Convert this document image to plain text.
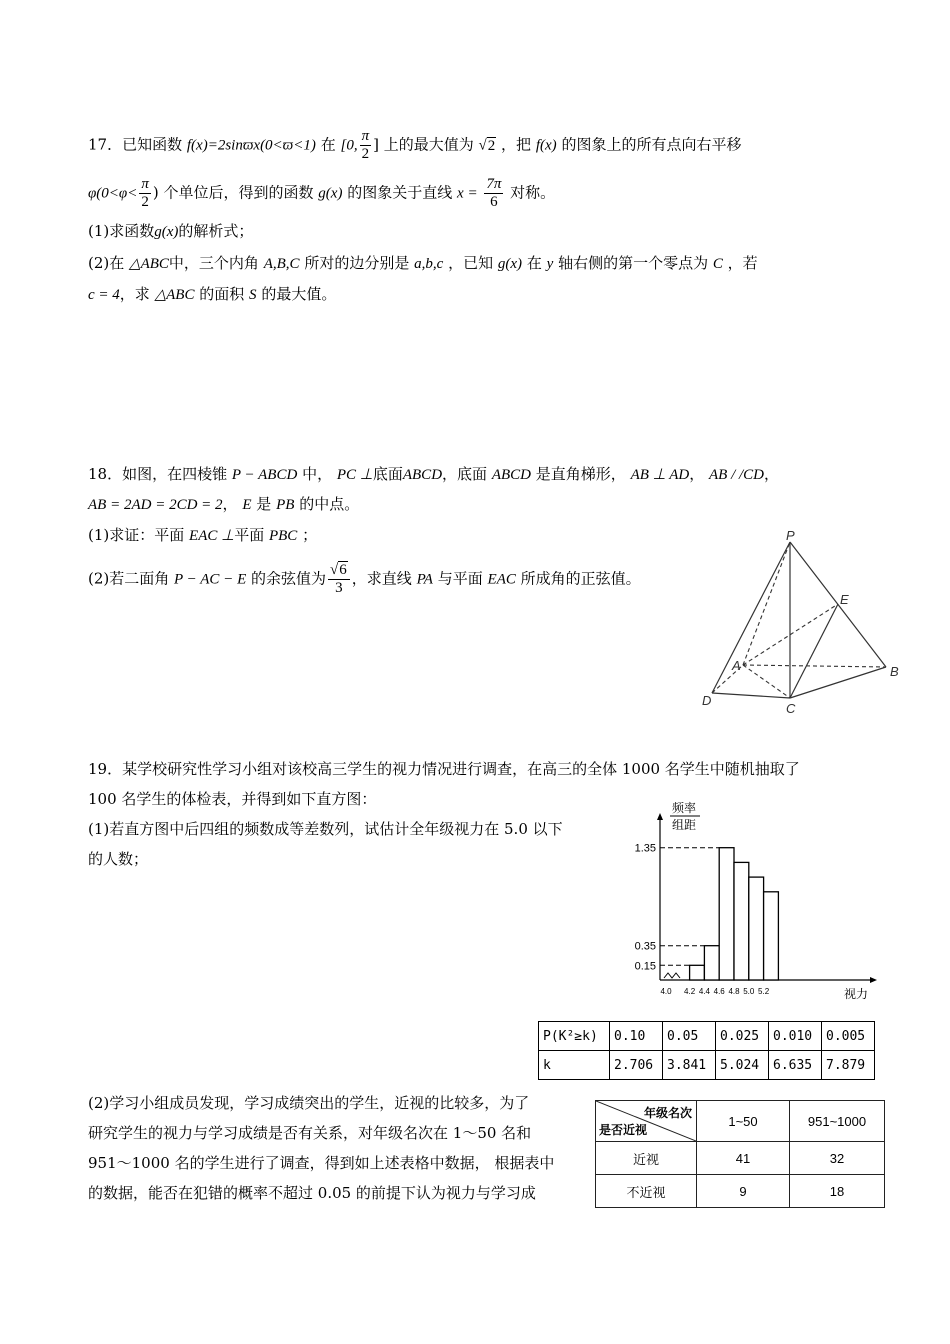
17．已知函数 f(x)=2sinϖx(0<ϖ<1) 在 [0, $\frac{\pi}{2}$ ] 上的最大值为 √2 ，把 f(x) 的图象上的所有点向右平移
$\varphi(0<\varphi< \frac{\pi}{2}$ ) 个单位后，得到的函数 g(x) 的图象关于直线 $x = \frac{7\pi}{6}$ 对称。
(1)求函数g(x)的解析式；
(2)在 △ABC中，三个内角 A,B,C 所对的边分别是 a,b,c ，已知 g(x) 在 y 轴右侧的第一个零点为 C ，若
c = 4，求 △ABC 的面积 S 的最大值。
18．如图，在四棱锥 P − ABCD 中， PC ⊥底面ABCD，底面 ABCD 是直角梯形， AB ⊥ AD， AB / /CD，
AB = 2AD = 2CD = 2， E 是 PB 的中点。
(1)求证：平面 EAC ⊥平面 PBC ；
(2)若二面角 P − AC − E 的余弦值为 $\frac{√6}{3}$ ，求直线 PA 与平面 EAC 所成角的正弦值。
P
E
A	B
C
D
19．某学校研究性学习小组对该校高三学生的视力情况进行调查，在高三的全体 1000 名学生中随机抽取了
100 名学生的体检表，并得到如下直方图：
(1)若直方图中后四组的频数成等差数列，试估计全年级视力在 5.0 以下
的人数；
频率
组距
0.15
0.35
1.35
4.0 4.2 4.4 4.6 4.8 5.0 5.2	视力
P(K²≥k)	0.10	0.05	0.025	0.010	0.005
k	2.706	3.841	5.024	6.635	7.879
(2)学习小组成员发现，学习成绩突出的学生，近视的比较多，为了
研究学生的视力与学习成绩是否有关系，对年级名次在 1～50 名和
951～1000 名的学生进行了调查，得到如上述表格中数据， 根据表中
的数据，能否在犯错的概率不超过 0.05 的前提下认为视力与学习成
年级名次
是否近视	1~50	951~1000
近视	41	32
不近视	9	18
